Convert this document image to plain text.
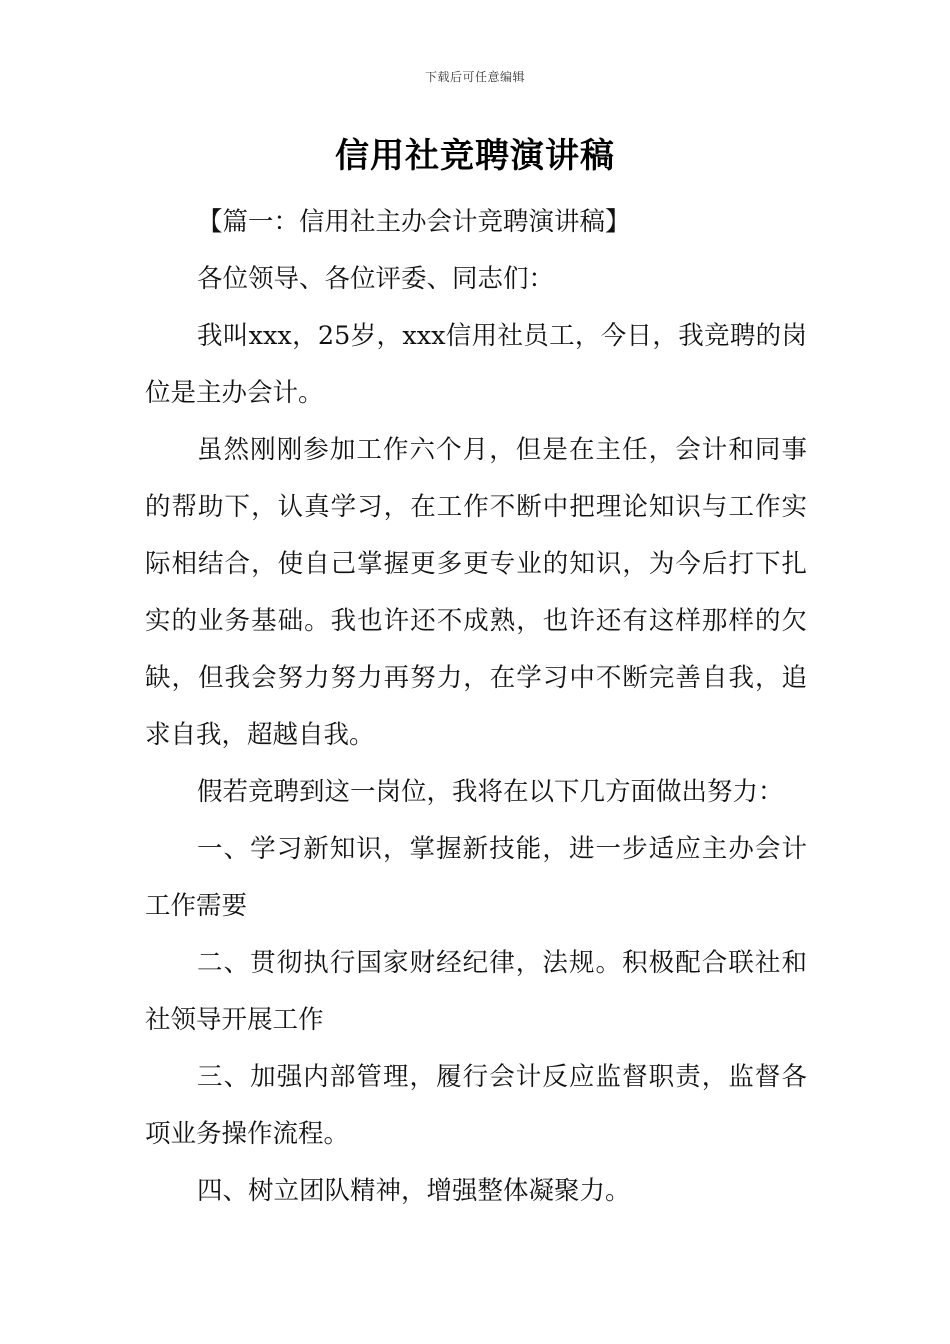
下载后可任意编辑
信用社竞聘演讲稿

【篇一：信用社主办会计竞聘演讲稿】

各位领导、各位评委、同志们：

我叫xxx，25岁，xxx信用社员工，今日，我竞聘的岗位是主办会计。

虽然刚刚参加工作六个月，但是在主任，会计和同事的帮助下，认真学习，在工作不断中把理论知识与工作实际相结合，使自己掌握更多更专业的知识，为今后打下扎实的业务基础。我也许还不成熟，也许还有这样那样的欠缺，但我会努力努力再努力，在学习中不断完善自我，追求自我，超越自我。

假若竞聘到这一岗位，我将在以下几方面做出努力：

一、学习新知识，掌握新技能，进一步适应主办会计工作需要

二、贯彻执行国家财经纪律，法规。积极配合联社和社领导开展工作

三、加强内部管理，履行会计反应监督职责，监督各项业务操作流程。

四、树立团队精神，增强整体凝聚力。
